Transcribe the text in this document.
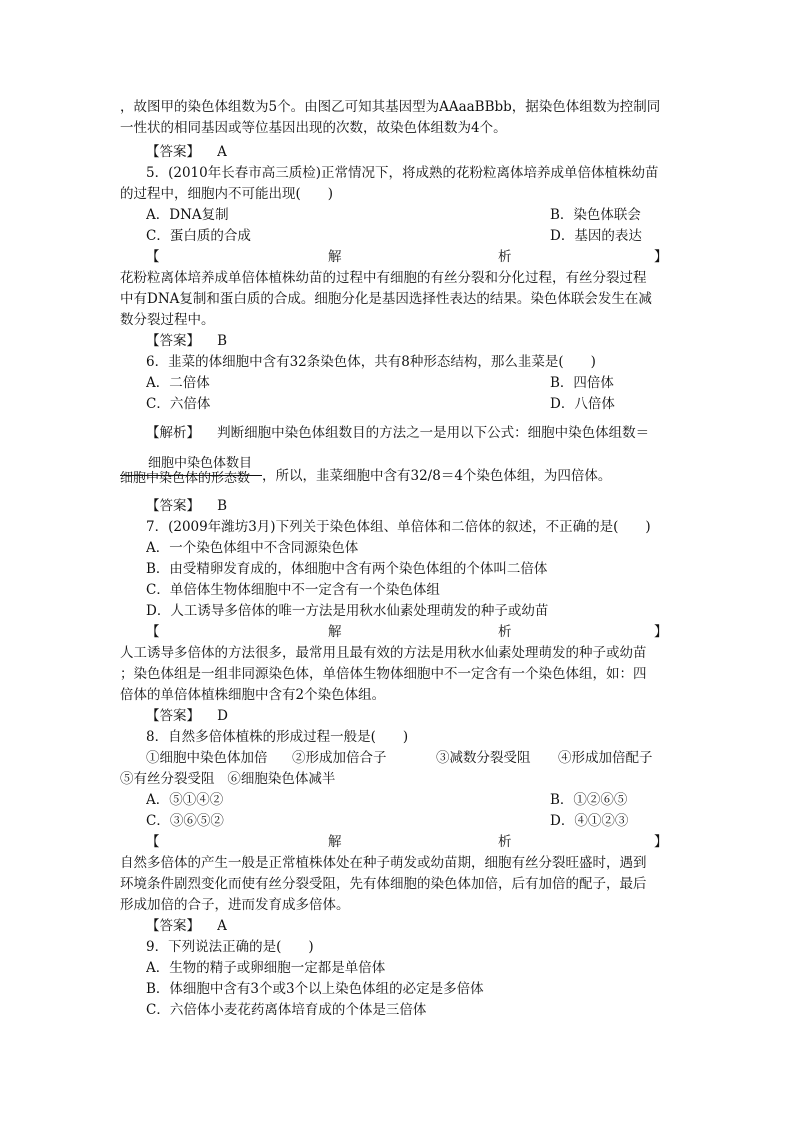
，故图甲的染色体组数为5个。由图乙可知其基因型为AAaaBBbb，据染色体组数为控制同
一性状的相同基因或等位基因出现的次数，故染色体组数为4个。
【答案】 A
5．(2010年长春市高三质检)正常情况下，将成熟的花粉粒离体培养成单倍体植株幼苗
的过程中，细胞内不可能出现(　　)
A．DNA复制	B．染色体联会
C．蛋白质的合成	D．基因的表达
【	解	析	】
花粉粒离体培养成单倍体植株幼苗的过程中有细胞的有丝分裂和分化过程，有丝分裂过程
中有DNA复制和蛋白质的合成。细胞分化是基因选择性表达的结果。染色体联会发生在减
数分裂过程中。
【答案】 B
6．韭菜的体细胞中含有32条染色体，共有8种形态结构，那么韭菜是(　　)
A．二倍体	B．四倍体
C．六倍体	D．八倍体
【解析】 判断细胞中染色体组数目的方法之一是用以下公式：细胞中染色体组数＝
细胞中染色体数目
细胞中染色体的形态数 ，所以，韭菜细胞中含有32/8＝4个染色体组，为四倍体。
【答案】 B
7．(2009年潍坊3月)下列关于染色体组、单倍体和二倍体的叙述，不正确的是(　　)
A．一个染色体组中不含同源染色体
B．由受精卵发育成的，体细胞中含有两个染色体组的个体叫二倍体
C．单倍体生物体细胞中不一定含有一个染色体组
D．人工诱导多倍体的唯一方法是用秋水仙素处理萌发的种子或幼苗
【	解	析	】
人工诱导多倍体的方法很多，最常用且最有效的方法是用秋水仙素处理萌发的种子或幼苗
；染色体组是一组非同源染色体，单倍体生物体细胞中不一定含有一个染色体组，如：四
倍体的单倍体植株细胞中含有2个染色体组。
【答案】 D
8．自然多倍体植株的形成过程一般是(　　)
①细胞中染色体加倍 ②形成加倍合子	③减数分裂受阻 ④形成加倍配子
⑤有丝分裂受阻 ⑥细胞染色体减半
A．⑤①④②	B．①②⑥⑤
C．③⑥⑤②	D．④①②③
【	解	析	】
自然多倍体的产生一般是正常植株体处在种子萌发或幼苗期，细胞有丝分裂旺盛时，遇到
环境条件剧烈变化而使有丝分裂受阻，先有体细胞的染色体加倍，后有加倍的配子，最后
形成加倍的合子，进而发育成多倍体。
【答案】 A
9．下列说法正确的是(　　)
A．生物的精子或卵细胞一定都是单倍体
B．体细胞中含有3个或3个以上染色体组的必定是多倍体
C．六倍体小麦花药离体培育成的个体是三倍体
